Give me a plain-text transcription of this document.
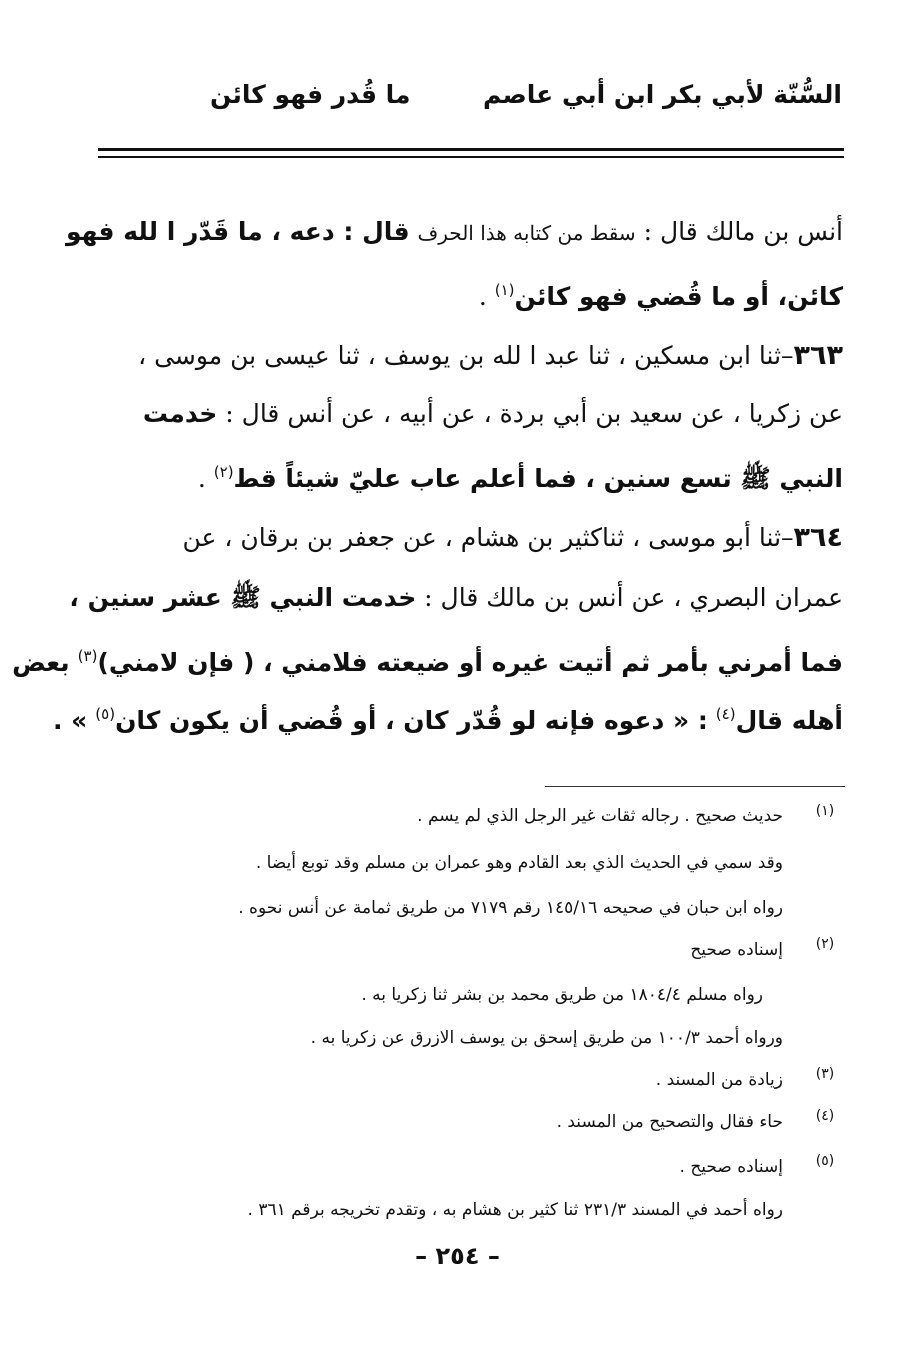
السُّنّة لأبي بكر ابن أبي عاصم
ما قُدر فهو كائن
أنس بن مالك قال : سقط من كتابه هذا الحرف قال : دعه ، ما قَدّر ا لله فهو
كائن، أو ما قُضي فهو كائن$^{(١)}$ .
٣٦٣–ثنا ابن مسكين ، ثنا عبد ا لله بن يوسف ، ثنا عيسى بن موسى ،
عن زكريا ، عن سعيد بن أبي بردة ، عن أبيه ، عن أنس قال : خدمت
النبي ﷺ تسع سنين ، فما أعلم عاب عليّ شيئاً قط$^{(٢)}$ .
٣٦٤–ثنا أبو موسى ، ثناكثير بن هشام ، عن جعفر بن برقان ، عن
عمران البصري ، عن أنس بن مالك قال : خدمت النبي ﷺ عشر سنين ،
فما أمرني بأمر ثم أتيت غيره أو ضيعته فلامني ، ( فإن لامني)$^{(٣)}$ بعض
أهله قال$^{(٤)}$ : « دعوه فإنه لو قُدّر كان ، أو قُضي أن يكون كان$^{(٥)}$ » .
(١)
حديث صحيح . رجاله ثقات غير الرجل الذي لم يسم .
وقد سمي في الحديث الذي بعد القادم وهو عمران بن مسلم وقد توبع أيضا .
رواه ابن حبان في صحيحه ١٤٥/١٦ رقم ٧١٧٩ من طريق ثمامة عن أنس نحوه .
(٢)
إسناده صحيح
رواه مسلم ١٨٠٤/٤ من طريق محمد بن بشر ثنا زكريا به .
ورواه أحمد ١٠٠/٣ من طريق إسحق بن يوسف الازرق عن زكريا به .
(٣)
زيادة من المسند .
(٤)
حاء فقال والتصحيح من المسند .
(٥)
إسناده صحيح .
رواه أحمد في المسند ٢٣١/٣ ثنا كثير بن هشام به ، وتقدم تخريجه برقم ٣٦١ .
– ٢٥٤ –
